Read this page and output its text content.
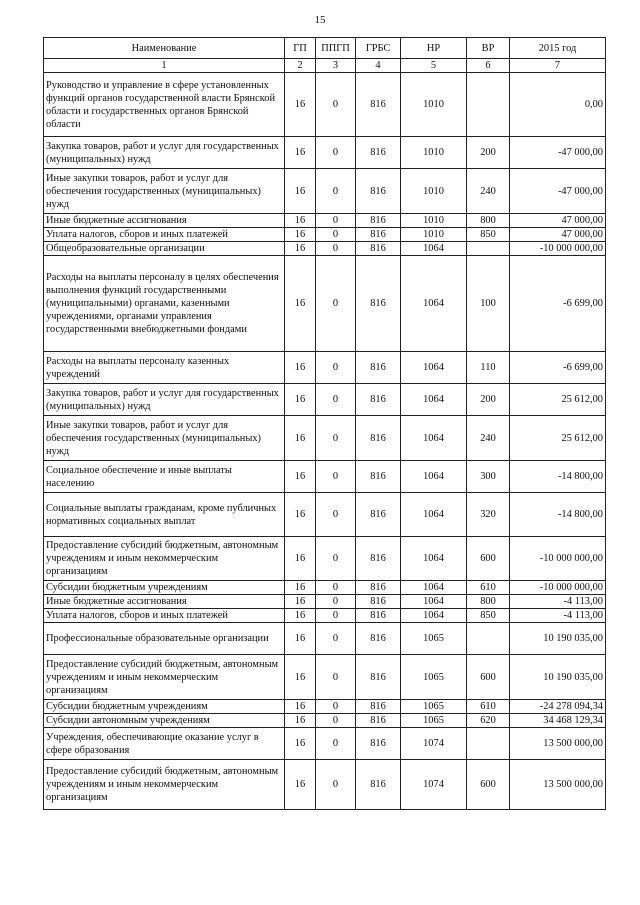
15
Наименование	ГП	ППГП	ГРБС	НР	ВР	2015 год
1	2	3	4	5	6	7
Руководство и управление в сфере установленных функций органов государственной власти Брянской области и государственных органов Брянской области	16	0	816	1010		0,00
Закупка товаров, работ и услуг для государственных (муниципальных) нужд	16	0	816	1010	200	-47 000,00
Иные закупки товаров, работ и услуг для обеспечения государственных (муниципальных) нужд	16	0	816	1010	240	-47 000,00
Иные бюджетные ассигнования	16	0	816	1010	800	47 000,00
Уплата налогов, сборов и иных платежей	16	0	816	1010	850	47 000,00
Общеобразовательные организации	16	0	816	1064		-10 000 000,00
Расходы на выплаты персоналу в целях обеспечения выполнения функций государственными (муниципальными) органами, казенными учреждениями, органами управления государственными внебюджетными фондами	16	0	816	1064	100	-6 699,00
Расходы на выплаты персоналу казенных учреждений	16	0	816	1064	110	-6 699,00
Закупка товаров, работ и услуг для государственных (муниципальных) нужд	16	0	816	1064	200	25 612,00
Иные закупки товаров, работ и услуг для обеспечения государственных (муниципальных) нужд	16	0	816	1064	240	25 612,00
Социальное обеспечение и иные выплаты населению	16	0	816	1064	300	-14 800,00
Социальные выплаты гражданам, кроме публичных нормативных социальных выплат	16	0	816	1064	320	-14 800,00
Предоставление субсидий бюджетным, автономным учреждениям и иным некоммерческим организациям	16	0	816	1064	600	-10 000 000,00
Субсидии бюджетным учреждениям	16	0	816	1064	610	-10 000 000,00
Иные бюджетные ассигнования	16	0	816	1064	800	-4 113,00
Уплата налогов, сборов и иных платежей	16	0	816	1064	850	-4 113,00
Профессиональные образовательные организации	16	0	816	1065		10 190 035,00
Предоставление субсидий бюджетным, автономным учреждениям и иным некоммерческим организациям	16	0	816	1065	600	10 190 035,00
Субсидии бюджетным учреждениям	16	0	816	1065	610	-24 278 094,34
Субсидии автономным учреждениям	16	0	816	1065	620	34 468 129,34
Учреждения, обеспечивающие оказание услуг в сфере образования	16	0	816	1074		13 500 000,00
Предоставление субсидий бюджетным, автономным учреждениям и иным некоммерческим организациям	16	0	816	1074	600	13 500 000,00
